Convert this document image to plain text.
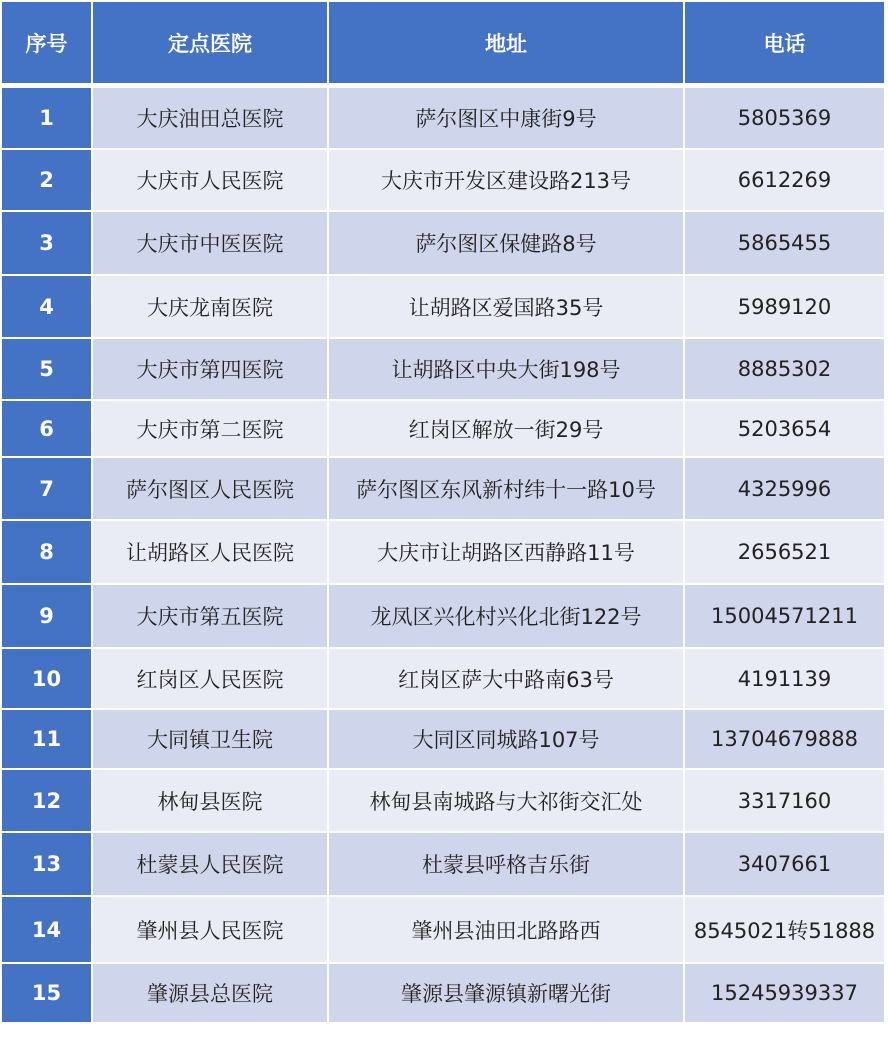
序号	定点医院	地址	电话
1	大庆油田总医院	萨尔图区中康街9号	5805369
2	大庆市人民医院	大庆市开发区建设路213号	6612269
3	大庆市中医医院	萨尔图区保健路8号	5865455
4	大庆龙南医院	让胡路区爱国路35号	5989120
5	大庆市第四医院	让胡路区中央大街198号	8885302
6	大庆市第二医院	红岗区解放一街29号	5203654
7	萨尔图区人民医院	萨尔图区东风新村纬十一路10号	4325996
8	让胡路区人民医院	大庆市让胡路区西静路11号	2656521
9	大庆市第五医院	龙凤区兴化村兴化北街122号	15004571211
10	红岗区人民医院	红岗区萨大中路南63号	4191139
11	大同镇卫生院	大同区同城路107号	13704679888
12	林甸县医院	林甸县南城路与大祁街交汇处	3317160
13	杜蒙县人民医院	杜蒙县呼格吉乐街	3407661
14	肇州县人民医院	肇州县油田北路路西	8545021转51888
15	肇源县总医院	肇源县肇源镇新曙光街	15245939337
